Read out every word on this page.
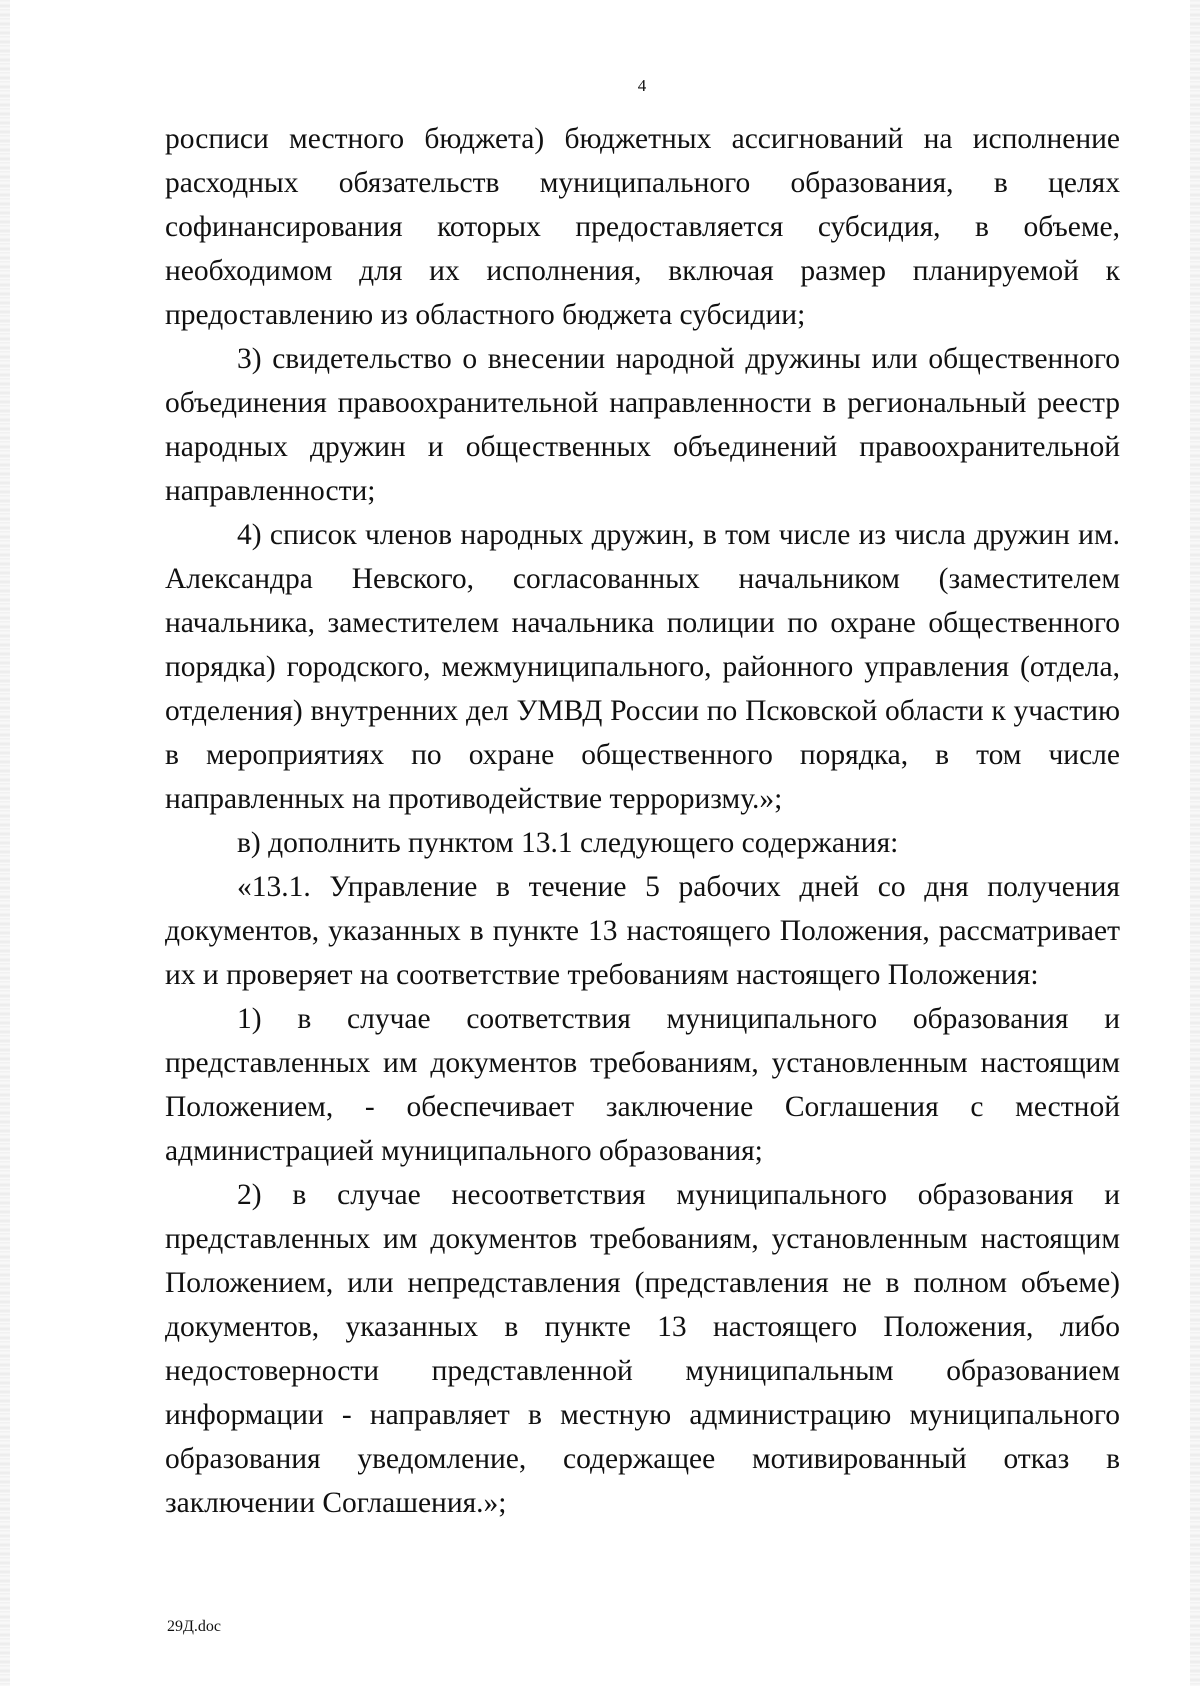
4

росписи местного бюджета) бюджетных ассигнований на исполнение расходных обязательств муниципального образования, в целях софинансирования которых предоставляется субсидия, в объеме, необходимом для их исполнения, включая размер планируемой к предоставлению из областного бюджета субсидии;

3) свидетельство о внесении народной дружины или общественного объединения правоохранительной направленности в региональный реестр народных дружин и общественных объединений правоохранительной направленности;

4) список членов народных дружин, в том числе из числа дружин им. Александра Невского, согласованных начальником (заместителем начальника, заместителем начальника полиции по охране общественного порядка) городского, межмуниципального, районного управления (отдела, отделения) внутренних дел УМВД России по Псковской области к участию в мероприятиях по охране общественного порядка, в том числе направленных на противодействие терроризму.»;

в) дополнить пунктом 13.1 следующего содержания:

«13.1. Управление в течение 5 рабочих дней со дня получения документов, указанных в пункте 13 настоящего Положения, рассматривает их и проверяет на соответствие требованиям настоящего Положения:

1) в случае соответствия муниципального образования и представленных им документов требованиям, установленным настоящим Положением, - обеспечивает заключение Соглашения с местной администрацией муниципального образования;

2) в случае несоответствия муниципального образования и представленных им документов требованиям, установленным настоящим Положением, или непредставления (представления не в полном объеме) документов, указанных в пункте 13 настоящего Положения, либо недостоверности представленной муниципальным образованием информации - направляет в местную администрацию муниципального образования уведомление, содержащее мотивированный отказ в заключении Соглашения.»;

29Д.doc
